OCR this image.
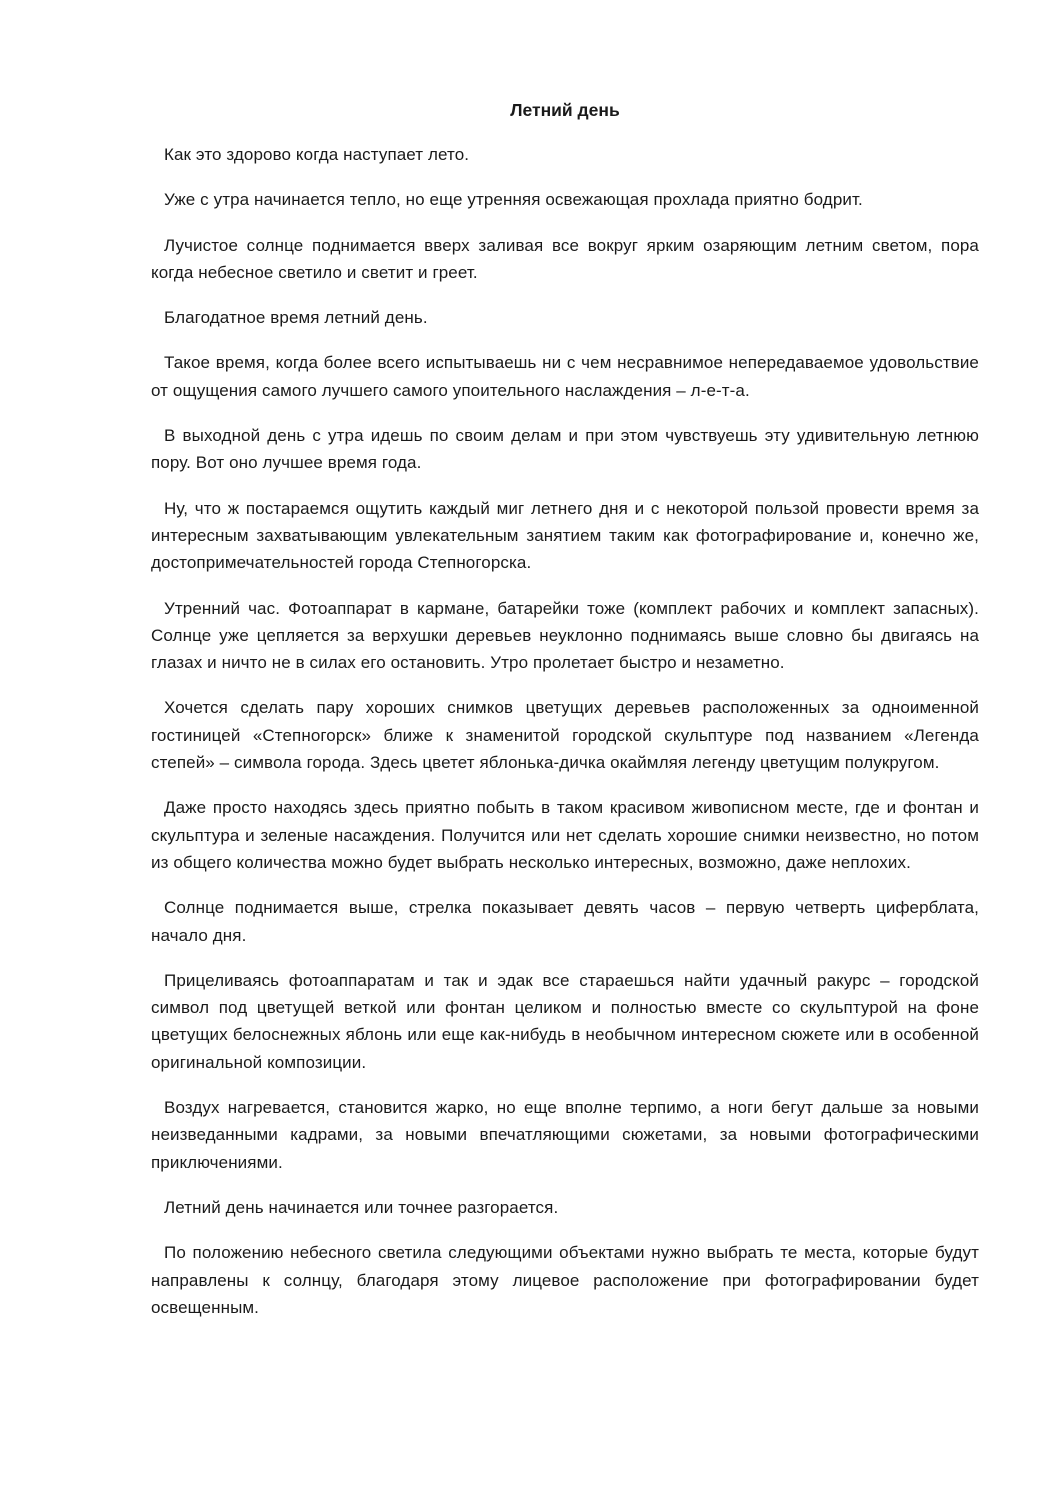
Летний день

Как это здорово когда наступает лето.

Уже с утра начинается тепло, но еще утренняя освежающая прохлада приятно бодрит.

Лучистое солнце поднимается вверх заливая все вокруг ярким озаряющим летним светом, пора когда небесное светило и светит и греет.

Благодатное время летний день.

Такое время, когда более всего испытываешь ни с чем несравнимое непередаваемое удовольствие от ощущения самого лучшего самого упоительного наслаждения – л-е-т-а.

В выходной день с утра идешь по своим делам и при этом чувствуешь эту удивительную летнюю пору. Вот оно лучшее время года.

Ну, что ж постараемся ощутить каждый миг летнего дня и с некоторой пользой провести время за интересным захватывающим увлекательным занятием таким как фотографирование и, конечно же, достопримечательностей города Степногорска.

Утренний час. Фотоаппарат в кармане, батарейки тоже (комплект рабочих и комплект запасных). Солнце уже цепляется за верхушки деревьев неуклонно поднимаясь выше словно бы двигаясь на глазах и ничто не в силах его остановить. Утро пролетает быстро и незаметно.

Хочется сделать пару хороших снимков цветущих деревьев расположенных за одноименной гостиницей «Степногорск» ближе к знаменитой городской скульптуре под названием «Легенда степей» – символа города. Здесь цветет яблонька-дичка окаймляя легенду цветущим полукругом.

Даже просто находясь здесь приятно побыть в таком красивом живописном месте, где и фонтан и скульптура и зеленые насаждения. Получится или нет сделать хорошие снимки неизвестно, но потом из общего количества можно будет выбрать несколько интересных, возможно, даже неплохих.

Солнце поднимается выше, стрелка показывает девять часов – первую четверть циферблата, начало дня.

Прицеливаясь фотоаппаратам и так и эдак все стараешься найти удачный ракурс – городской символ под цветущей веткой или фонтан целиком и полностью вместе со скульптурой на фоне цветущих белоснежных яблонь или еще как-нибудь в необычном интересном сюжете или в особенной оригинальной композиции.

Воздух нагревается, становится жарко, но еще вполне терпимо, а ноги бегут дальше за новыми неизведанными кадрами, за новыми впечатляющими сюжетами, за новыми фотографическими приключениями.

Летний день начинается или точнее разгорается.

По положению небесного светила следующими объектами нужно выбрать те места, которые будут направлены к солнцу, благодаря этому лицевое расположение при фотографировании будет освещенным.
